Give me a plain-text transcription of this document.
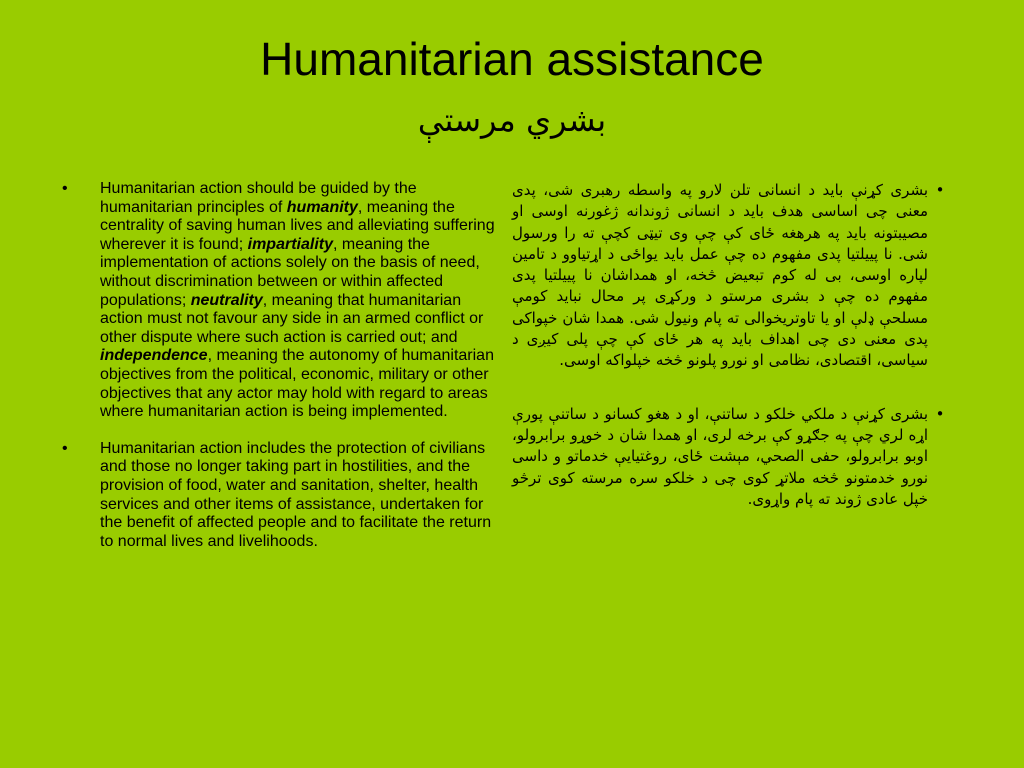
Humanitarian assistance
بشري مرستې
•	Humanitarian action should be guided by the humanitarian principles of humanity, meaning the centrality of saving human lives and alleviating suffering wherever it is found; impartiality, meaning the implementation of actions solely on the basis of need, without discrimination between or within affected populations; neutrality, meaning that humanitarian action must not favour any side in an armed conflict or other dispute where such action is carried out; and independence, meaning the autonomy of humanitarian objectives from the political, economic, military or other objectives that any actor may hold with regard to areas where humanitarian action is being implemented.
•	Humanitarian action includes the protection of civilians and those no longer taking part in hostilities, and the provision of food, water and sanitation, shelter, health services and other items of assistance, undertaken for the benefit of affected people and to facilitate the return to normal lives and livelihoods.
•
بشری کړنې باید د انسانی تلن لارو په واسطه رهبری شی، پدی معنی چی اساسی هدف باید د انسانی ژوندانه ژغورنه اوسی او مصیبتونه باید په هرهغه ځای کې چې وی تیټی کچې ته را ورسول شی. نا پییلتیا پدی مفهوم ده چې عمل باید یواځی د اړتیاوو د تامین لپاره اوسی، بی له کوم تبعیض څخه، او همداشان نا پییلتیا پدی مفهوم ده چې د بشری مرستو د ورکړی پر محال نباید کومې مسلحې ډلې او یا تاوتریخوالی ته پام ونیول شی. همدا شان خپواکی پدی معنی دی چی اهداف باید په هر ځای کې چې پلی کیږی د سیاسی، اقتصادی، نظامی او نورو پلونو څخه خپلواکه اوسی.
•
بشری کړنې د ملکي خلکو د ساتنې، او د هغو کسانو د ساتنې پورې اړه لري چې په جګړو کې برخه لری، او همدا شان د خوړو برابرولو، اوبو برابرولو، حفی الصحي، مېشت ځای، روغتیایې خدماتو و داسی نورو خدمتونو څخه ملاتړ کوی چی د خلکو سره مرسته کوی ترڅو خپل عادی ژوند ته پام واړوی.
